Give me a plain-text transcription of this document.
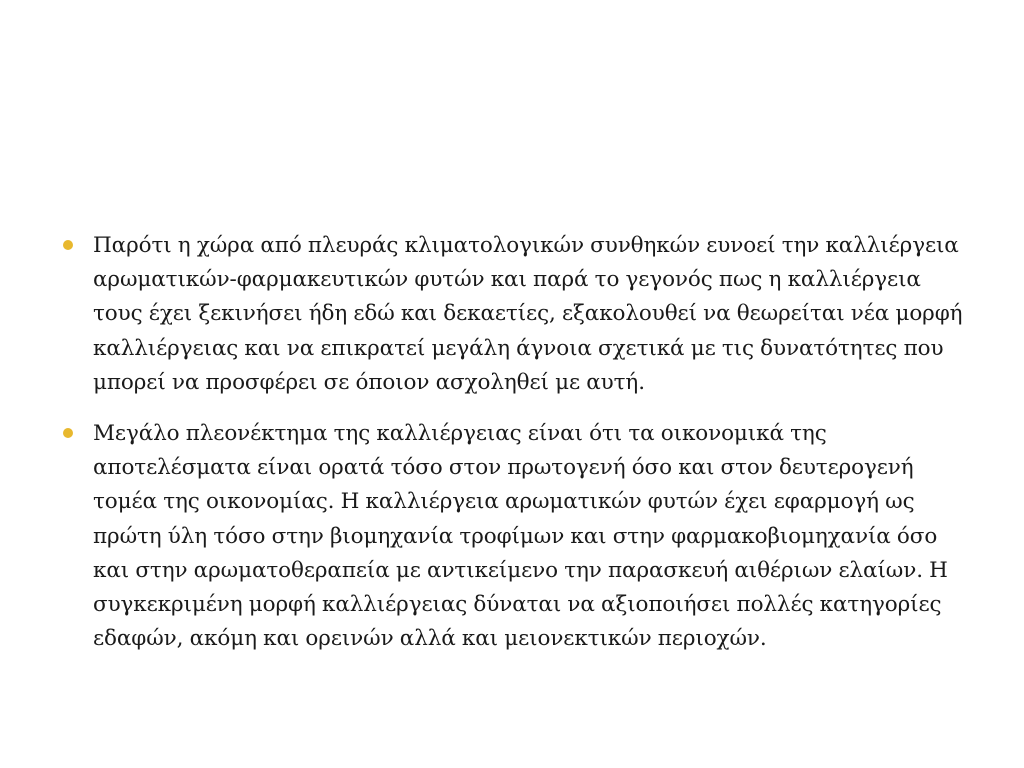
Παρότι η χώρα από πλευράς κλιματολογικών συνθηκών ευνοεί την καλλιέργεια αρωματικών-φαρμακευτικών φυτών και παρά το γεγονός πως η καλλιέργεια τους έχει ξεκινήσει ήδη εδώ και δεκαετίες, εξακολουθεί να θεωρείται νέα μορφή καλλιέργειας και να επικρατεί μεγάλη άγνοια σχετικά με τις δυνατότητες που μπορεί να προσφέρει σε όποιον ασχοληθεί με αυτή.
Μεγάλο πλεονέκτημα της καλλιέργειας είναι ότι τα οικονομικά της αποτελέσματα είναι ορατά τόσο στον πρωτογενή όσο και στον δευτερογενή τομέα της οικονομίας. Η καλλιέργεια αρωματικών φυτών έχει εφαρμογή ως πρώτη ύλη τόσο στην βιομηχανία τροφίμων και στην φαρμακοβιομηχανία όσο και στην αρωματοθεραπεία με αντικείμενο την παρασκευή αιθέριων ελαίων. Η συγκεκριμένη μορφή καλλιέργειας δύναται να αξιοποιήσει πολλές κατηγορίες εδαφών, ακόμη και ορεινών αλλά και μειονεκτικών περιοχών.
